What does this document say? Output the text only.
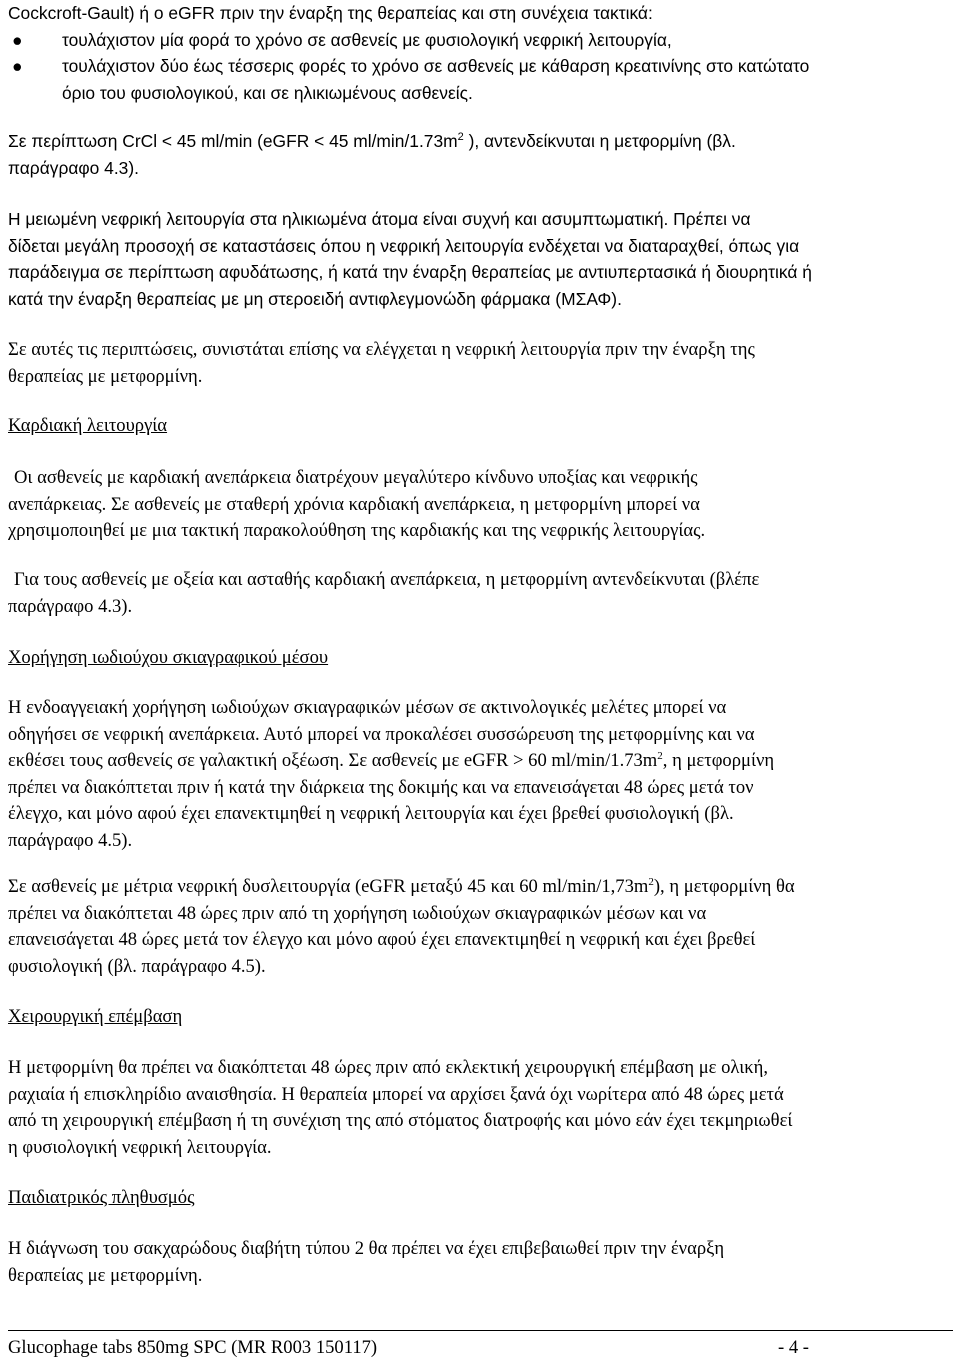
Cockcroft-Gault) ή ο eGFR πριν την έναρξη της θεραπείας και στη συνέχεια τακτικά:
● τουλάχιστον μία φορά το χρόνο σε ασθενείς με φυσιολογική νεφρική λειτουργία,
● τουλάχιστον δύο έως τέσσερις φορές το χρόνο σε ασθενείς με κάθαρση κρεατινίνης στο κατώτατο
όριο του φυσιολογικού, και σε ηλικιωμένους ασθενείς.
Σε περίπτωση CrCl < 45 ml/min (eGFR < 45 $ml/\min/1.73m^2$ ), αντενδείκνυται η μετφορμίνη (βλ.
παράγραφο 4.3).
Η μειωμένη νεφρική λειτουργία στα ηλικιωμένα άτομα είναι συχνή και ασυμπτωματική. Πρέπει να
δίδεται μεγάλη προσοχή σε καταστάσεις όπου η νεφρική λειτουργία ενδέχεται να διαταραχθεί, όπως για
παράδειγμα σε περίπτωση αφυδάτωσης, ή κατά την έναρξη θεραπείας με αντιυπερτασικά ή διουρητικά ή
κατά την έναρξη θεραπείας με μη στεροειδή αντιφλεγμονώδη φάρμακα (ΜΣΑΦ).
Σε αυτές τις περιπτώσεις, συνιστάται επίσης να ελέγχεται η νεφρική λειτουργία πριν την έναρξη της
θεραπείας με μετφορμίνη.
Καρδιακή λειτουργία
Οι ασθενείς με καρδιακή ανεπάρκεια διατρέχουν μεγαλύτερο κίνδυνο υποξίας και νεφρικής
ανεπάρκειας. Σε ασθενείς με σταθερή χρόνια καρδιακή ανεπάρκεια, η μετφορμίνη μπορεί να
χρησιμοποιηθεί με μια τακτική παρακολούθηση της καρδιακής και της νεφρικής λειτουργίας.
Για τους ασθενείς με οξεία και ασταθής καρδιακή ανεπάρκεια, η μετφορμίνη αντενδείκνυται (βλέπε
παράγραφο 4.3).
Χορήγηση ιωδιούχου σκιαγραφικού μέσου
Η ενδοαγγειακή χορήγηση ιωδιούχων σκιαγραφικών μέσων σε ακτινολογικές μελέτες μπορεί να
οδηγήσει σε νεφρική ανεπάρκεια. Αυτό μπορεί να προκαλέσει συσσώρευση της μετφορμίνης και να
εκθέσει τους ασθενείς σε γαλακτική οξέωση. Σε ασθενείς με eGFR > 60 $ml/\min/1.73m^2$, η μετφορμίνη
πρέπει να διακόπτεται πριν ή κατά την διάρκεια της δοκιμής και να επανεισάγεται 48 ώρες μετά τον
έλεγχο, και μόνο αφού έχει επανεκτιμηθεί η νεφρική λειτουργία και έχει βρεθεί φυσιολογική (βλ.
παράγραφο 4.5).
Σε ασθενείς με μέτρια νεφρική δυσλειτουργία (eGFR μεταξύ 45 και 60 $ml/\min/1,73m^2$), η μετφορμίνη θα
πρέπει να διακόπτεται 48 ώρες πριν από τη χορήγηση ιωδιούχων σκιαγραφικών μέσων και να
επανεισάγεται 48 ώρες μετά τον έλεγχο και μόνο αφού έχει επανεκτιμηθεί η νεφρική και έχει βρεθεί
φυσιολογική (βλ. παράγραφο 4.5).
Χειρουργική επέμβαση
Η μετφορμίνη θα πρέπει να διακόπτεται 48 ώρες πριν από εκλεκτική χειρουργική επέμβαση με ολική,
ραχιαία ή επισκληρίδιο αναισθησία. Η θεραπεία μπορεί να αρχίσει ξανά όχι νωρίτερα από 48 ώρες μετά
από τη χειρουργική επέμβαση ή τη συνέχιση της από στόματος διατροφής και μόνο εάν έχει τεκμηριωθεί
η φυσιολογική νεφρική λειτουργία.
Παιδιατρικός πληθυσμός
Η διάγνωση του σακχαρώδους διαβήτη τύπου 2 θα πρέπει να έχει επιβεβαιωθεί πριν την έναρξη
θεραπείας με μετφορμίνη.
Glucophage tabs 850mg SPC (MR R003 150117)	- 4 -
